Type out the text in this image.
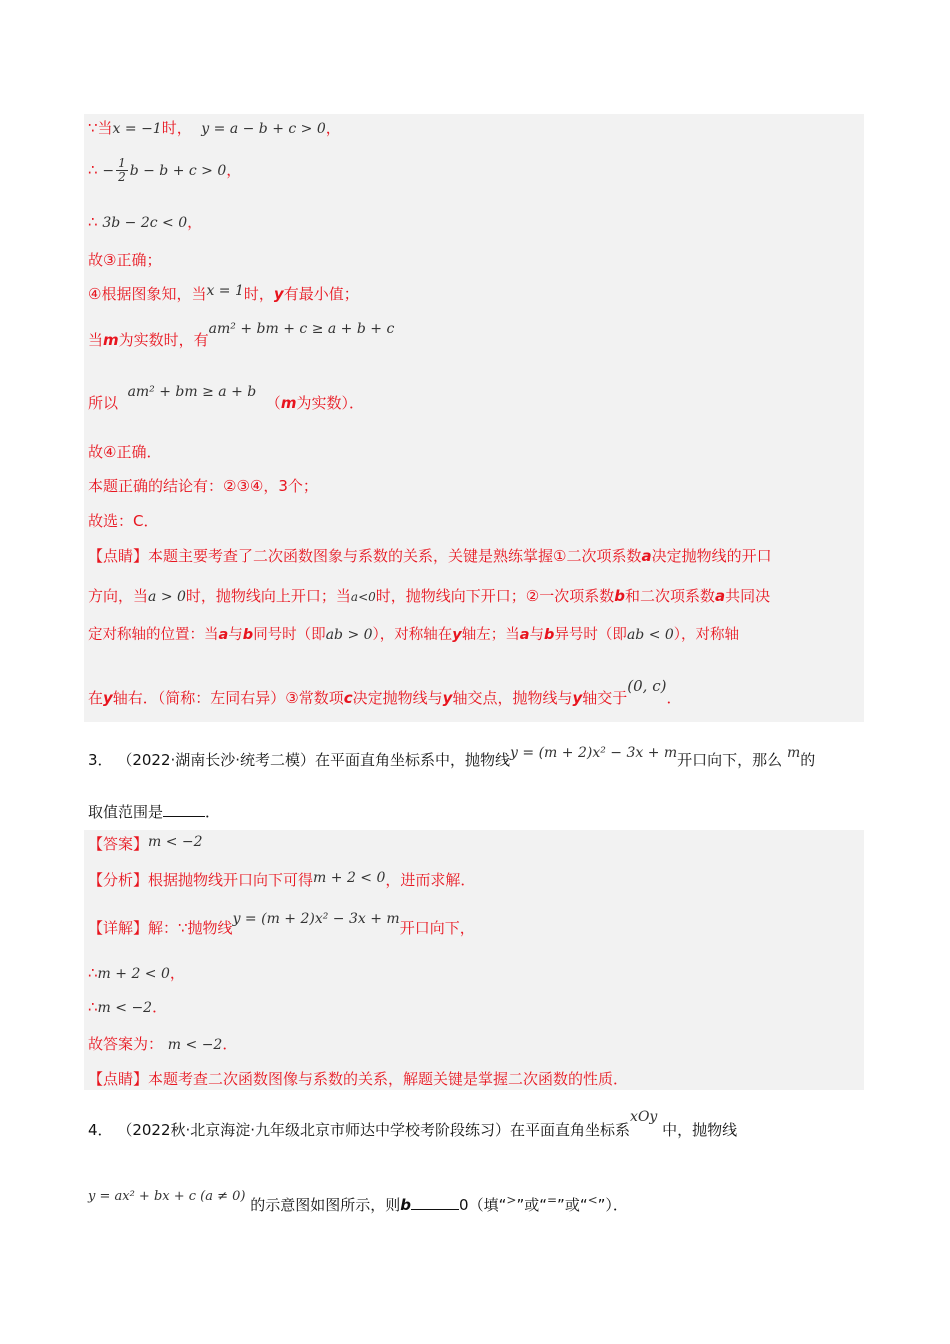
∵当x = −1时， y = a − b + c > 0，
∴ − $\frac{1}{2}$ b − b + c > 0，
∴ 3b − 2c < 0，
故③正确；
④根据图象知，当x = 1时，y有最小值；
当m为实数时，有am² + bm + c ≥ a + b + c
所以  am² + bm ≥ a + b  （m为实数）．
故④正确．
本题正确的结论有：②③④，3个；
故选：C．
【点睛】本题主要考查了二次函数图象与系数的关系，关键是熟练掌握①二次项系数a决定抛物线的开口
方向，当a > 0时，抛物线向上开口；当a<0时，抛物线向下开口；②一次项系数b和二次项系数a共同决
定对称轴的位置：当a与b同号时（即ab > 0），对称轴在y轴左；当a与b异号时（即ab < 0），对称轴
在y轴右．（简称：左同右异）③常数项c决定抛物线与y轴交点，抛物线与y轴交于(0, c)．
3． （2022·湖南长沙·统考二模）在平面直角坐标系中，抛物线y = (m + 2)x² − 3x + m开口向下，那么 m的
取值范围是	．
【答案】m < −2
【分析】根据抛物线开口向下可得m + 2 < 0，进而求解．
【详解】解：∵抛物线y = (m + 2)x² − 3x + m开口向下，
∴m + 2 < 0，
∴m < −2．
故答案为： m < −2．
【点睛】本题考查二次函数图像与系数的关系，解题关键是掌握二次函数的性质．
4． （2022秋·北京海淀·九年级北京市师达中学校考阶段练习）在平面直角坐标系xOy 中，抛物线
y = ax² + bx + c (a ≠ 0) 的示意图如图所示，则b	0（填“>”或“=”或“<”）．
